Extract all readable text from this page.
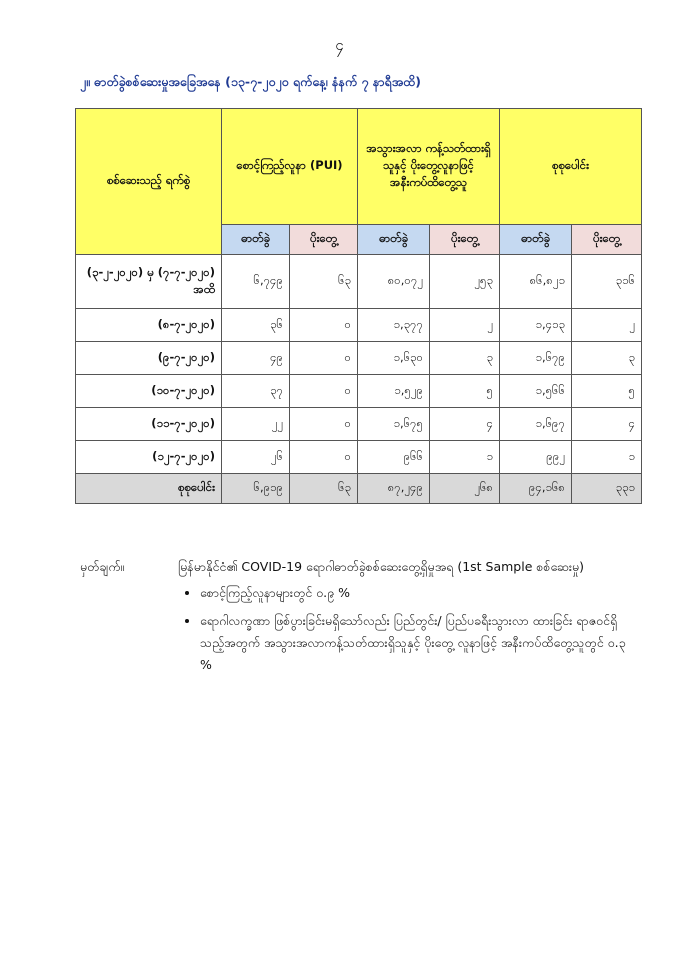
၄
၂။ ဓာတ်ခွဲစစ်ဆေးမှုအခြေအနေ (၁၃-၇-၂၀၂၀ ရက်နေ့၊ နံနက် ၇ နာရီအထိ)
စစ်ဆေးသည့် ရက်စွဲ	စောင့်ကြည့်လူနာ (PUI)		အသွားအလာ ကန့်သတ်ထားရှိသူနှင့် ပိုးတွေ့လူနာဖြင့် အနီးကပ်ထိတွေ့သူ		စုစုပေါင်း	
	ဓာတ်ခွဲ	ပိုးတွေ့	ဓာတ်ခွဲ	ပိုးတွေ့	ဓာတ်ခွဲ	ပိုးတွေ့
(၃-၂-၂၀၂၀) မှ (၇-၇-၂၀၂၀) အထိ	၆,၇၄၉	၆၃	၈၀,၀၇၂	၂၅၃	၈၆,၈၂၁	၃၁၆
(၈-၇-၂၀၂၀)	၃၆	၀	၁,၃၇၇	၂	၁,၄၁၃	၂
(၉-၇-၂၀၂၀)	၄၉	၀	၁,၆၃၀	၃	၁,၆၇၉	၃
(၁၀-၇-၂၀၂၀)	၃၇	၀	၁,၅၂၉	၅	၁,၅၆၆	၅
(၁၁-၇-၂၀၂၀)	၂၂	၀	၁,၆၇၅	၄	၁,၆၉၇	၄
(၁၂-၇-၂၀၂၀)	၂၆	၀	၉၆၆	၁	၉၉၂	၁
စုစုပေါင်း	၆,၉၁၉	၆၃	၈၇,၂၄၉	၂၆၈	၉၄,၁၆၈	၃၃၁
မှတ်ချက်။	မြန်မာနိုင်ငံ၏ COVID-19 ရောဂါဓာတ်ခွဲစစ်ဆေးတွေ့ရှိမှုအရ (1st Sample စစ်ဆေးမှု)
• စောင့်ကြည့်လူနာများတွင် ၀.၉ %
• ရောဂါလက္ခဏာ ဖြစ်ပွားခြင်းမရှိသော်လည်း ပြည်တွင်း/ ပြည်ပခရီးသွားလာ ထားခြင်း ရာဇဝင်ရှိသည့်အတွက် အသွားအလာကန့်သတ်ထားရှိသူနှင့် ပိုးတွေ့ လူနာဖြင့် အနီးကပ်ထိတွေ့သူတွင် ၀.၃ %
